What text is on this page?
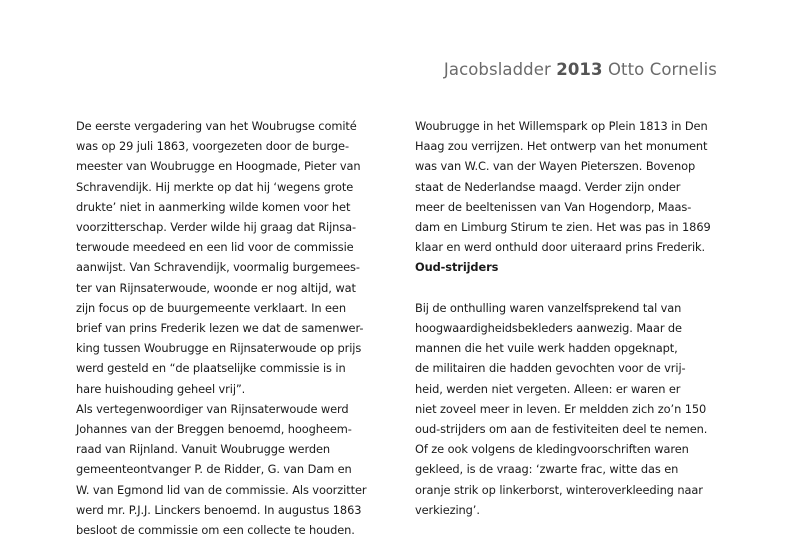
Jacobsladder 2013 Otto Cornelis
De eerste vergadering van het Woubrugse comité
was op 29 juli 1863, voorgezeten door de burge-
meester van Woubrugge en Hoogmade, Pieter van
Schravendijk. Hij merkte op dat hij ‘wegens grote
drukte’ niet in aanmerking wilde komen voor het
voorzitterschap. Verder wilde hij graag dat Rijnsa-
terwoude meedeed en een lid voor de commissie
aanwijst. Van Schravendijk, voormalig burgemees-
ter van Rijnsaterwoude, woonde er nog altijd, wat
zijn focus op de buurgemeente verklaart. In een
brief van prins Frederik lezen we dat de samenwer-
king tussen Woubrugge en Rijnsaterwoude op prijs
werd gesteld en “de plaatselijke commissie is in
hare huishouding geheel vrij”.
Als vertegenwoordiger van Rijnsaterwoude werd
Johannes van der Breggen benoemd, hoogheem-
raad van Rijnland. Vanuit Woubrugge werden
gemeenteontvanger P. de Ridder, G. van Dam en
W. van Egmond lid van de commissie. Als voorzitter
werd mr. P.J.J. Linckers benoemd. In augustus 1863
besloot de commissie om een collecte te houden.
Woubrugge in het Willemspark op Plein 1813 in Den
Haag zou verrijzen. Het ontwerp van het monument
was van W.C. van der Wayen Pieterszen. Bovenop
staat de Nederlandse maagd. Verder zijn onder
meer de beeltenissen van Van Hogendorp, Maas-
dam en Limburg Stirum te zien. Het was pas in 1869
klaar en werd onthuld door uiteraard prins Frederik.
Oud-strijders
Bij de onthulling waren vanzelfsprekend tal van
hoogwaardigheidsbekleders aanwezig. Maar de
mannen die het vuile werk hadden opgeknapt,
de militairen die hadden gevochten voor de vrij-
heid, werden niet vergeten. Alleen: er waren er
niet zoveel meer in leven. Er meldden zich zo’n 150
oud-strijders om aan de festiviteiten deel te nemen.
Of ze ook volgens de kledingvoorschriften waren
gekleed, is de vraag: ‘zwarte frac, witte das en
oranje strik op linkerborst, winteroverkleeding naar
verkiezing’.
